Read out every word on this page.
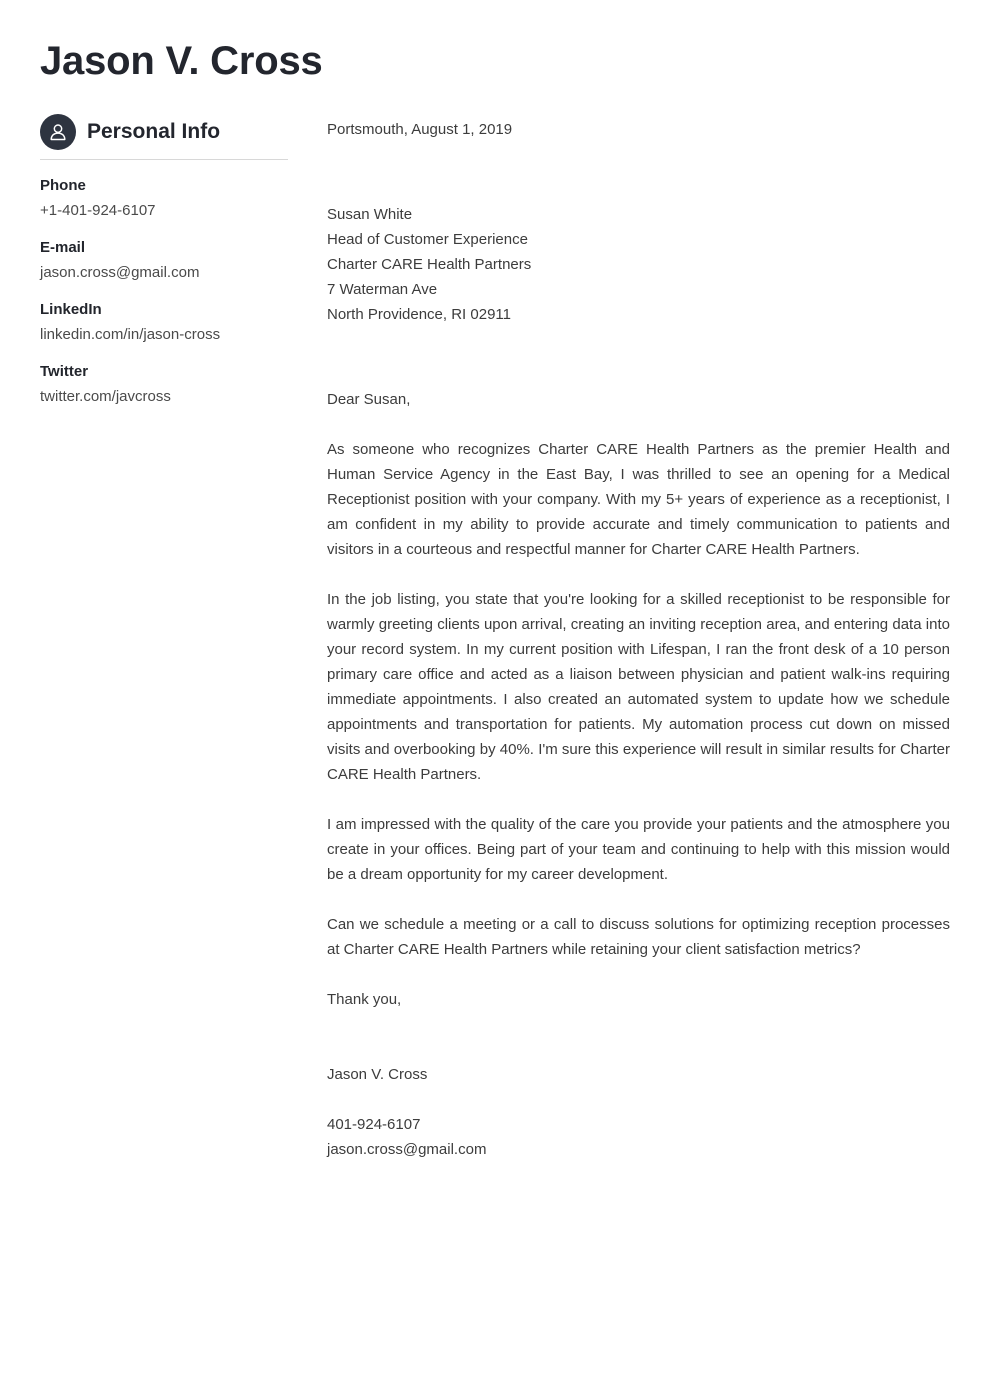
Jason V. Cross
Personal Info
Phone
+1-401-924-6107
E-mail
jason.cross@gmail.com
LinkedIn
linkedin.com/in/jason-cross
Twitter
twitter.com/javcross
Portsmouth, August 1, 2019
Susan White
Head of Customer Experience
Charter CARE Health Partners
7 Waterman Ave
North Providence, RI 02911
Dear Susan,

As someone who recognizes Charter CARE Health Partners as the premier Health and Human Service Agency in the East Bay, I was thrilled to see an opening for a Medical Receptionist position with your company. With my 5+ years of experience as a receptionist, I am confident in my ability to provide accurate and timely communication to patients and visitors in a courteous and respectful manner for Charter CARE Health Partners.

In the job listing, you state that you're looking for a skilled receptionist to be responsible for warmly greeting clients upon arrival, creating an inviting reception area, and entering data into your record system. In my current position with Lifespan, I ran the front desk of a 10 person primary care office and acted as a liaison between physician and patient walk-ins requiring immediate appointments. I also created an automated system to update how we schedule appointments and transportation for patients. My automation process cut down on missed visits and overbooking by 40%. I'm sure this experience will result in similar results for Charter CARE Health Partners.

I am impressed with the quality of the care you provide your patients and the atmosphere you create in your offices. Being part of your team and continuing to help with this mission would be a dream opportunity for my career development.

Can we schedule a meeting or a call to discuss solutions for optimizing reception processes at Charter CARE Health Partners while retaining your client satisfaction metrics?

Thank you,
Jason V. Cross
401-924-6107
jason.cross@gmail.com
